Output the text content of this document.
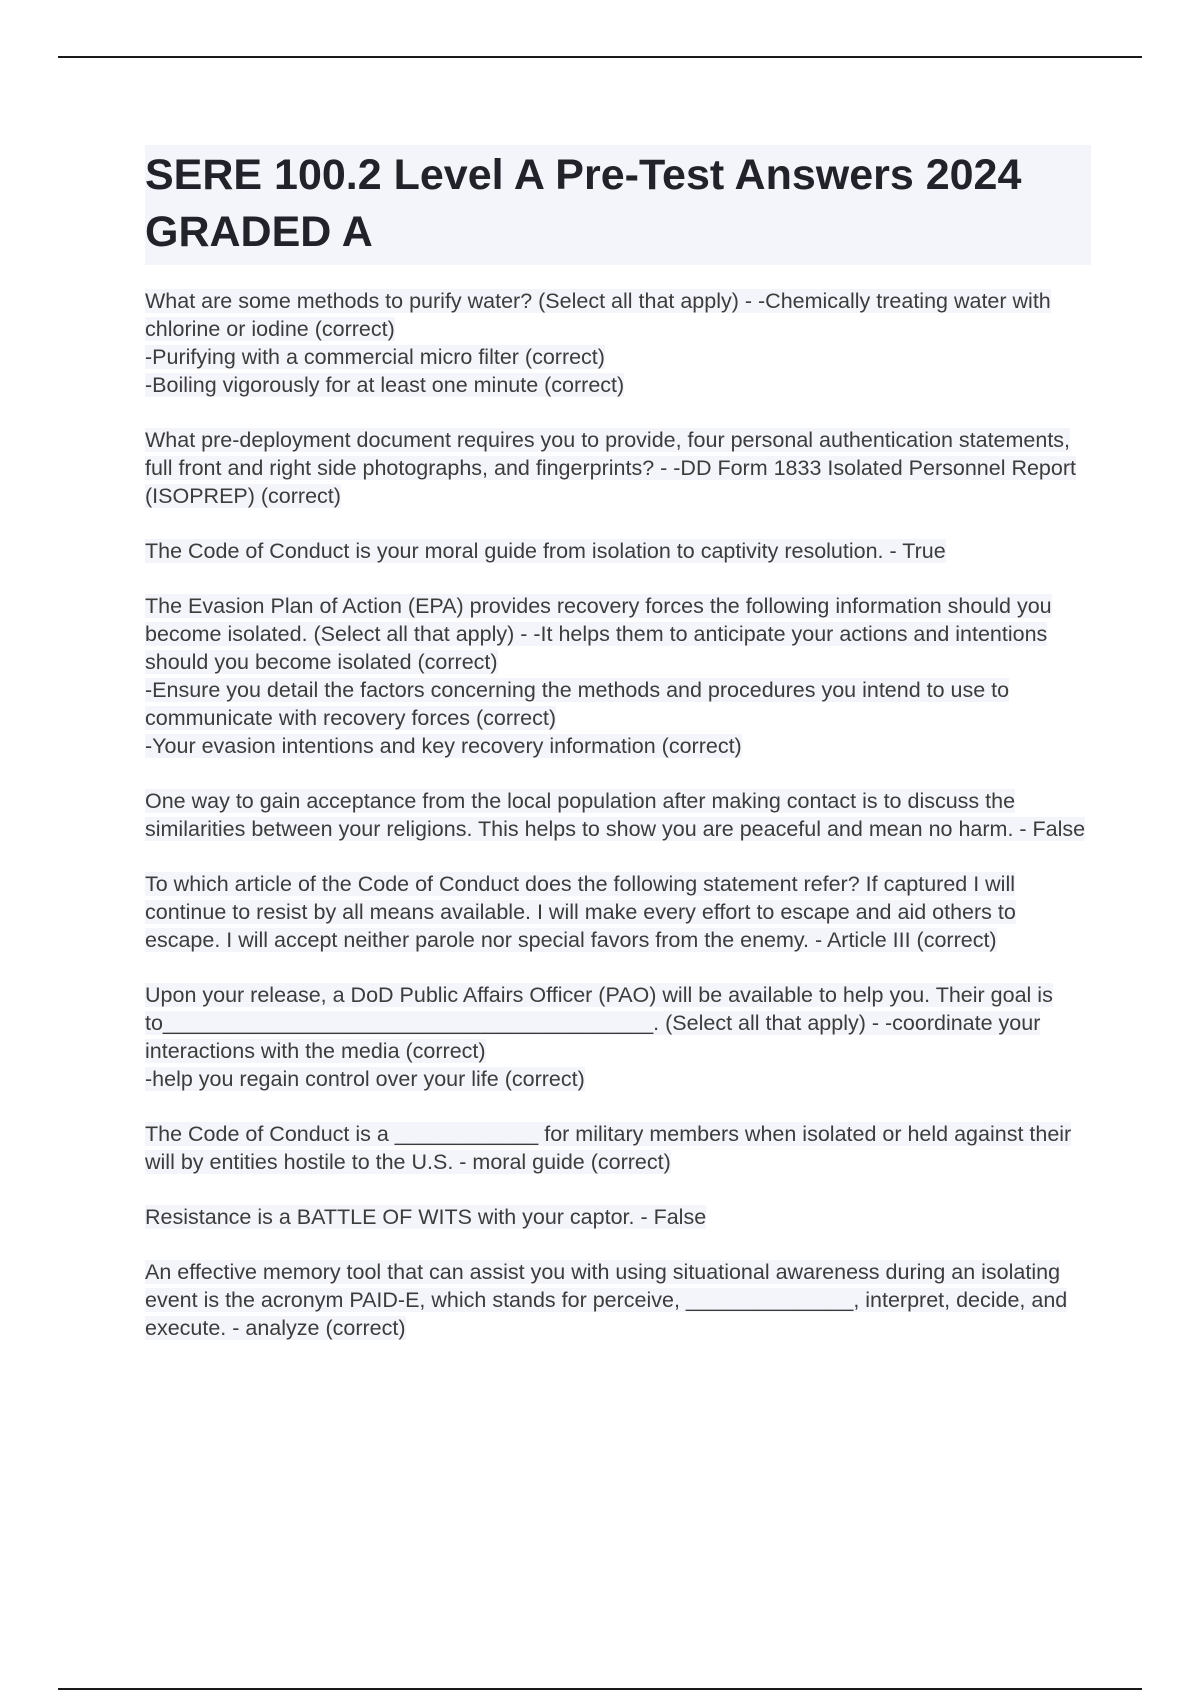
SERE 100.2 Level A Pre-Test Answers 2024 GRADED A

What are some methods to purify water? (Select all that apply) - -Chemically treating water with chlorine or iodine (correct)
-Purifying with a commercial micro filter (correct)
-Boiling vigorously for at least one minute (correct)

What pre-deployment document requires you to provide, four personal authentication statements, full front and right side photographs, and fingerprints? - -DD Form 1833 Isolated Personnel Report (ISOPREP) (correct)

The Code of Conduct is your moral guide from isolation to captivity resolution. - True

The Evasion Plan of Action (EPA) provides recovery forces the following information should you become isolated. (Select all that apply) - -It helps them to anticipate your actions and intentions should you become isolated (correct)
-Ensure you detail the factors concerning the methods and procedures you intend to use to communicate with recovery forces (correct)
-Your evasion intentions and key recovery information (correct)

One way to gain acceptance from the local population after making contact is to discuss the similarities between your religions. This helps to show you are peaceful and mean no harm. - False

To which article of the Code of Conduct does the following statement refer? If captured I will continue to resist by all means available. I will make every effort to escape and aid others to escape. I will accept neither parole nor special favors from the enemy. - Article III (correct)

Upon your release, a DoD Public Affairs Officer (PAO) will be available to help you. Their goal is to_________________________________________. (Select all that apply) - -coordinate your interactions with the media (correct)
-help you regain control over your life (correct)

The Code of Conduct is a ____________ for military members when isolated or held against their will by entities hostile to the U.S. - moral guide (correct)

Resistance is a BATTLE OF WITS with your captor. - False

An effective memory tool that can assist you with using situational awareness during an isolating event is the acronym PAID-E, which stands for perceive, ______________, interpret, decide, and execute. - analyze (correct)
